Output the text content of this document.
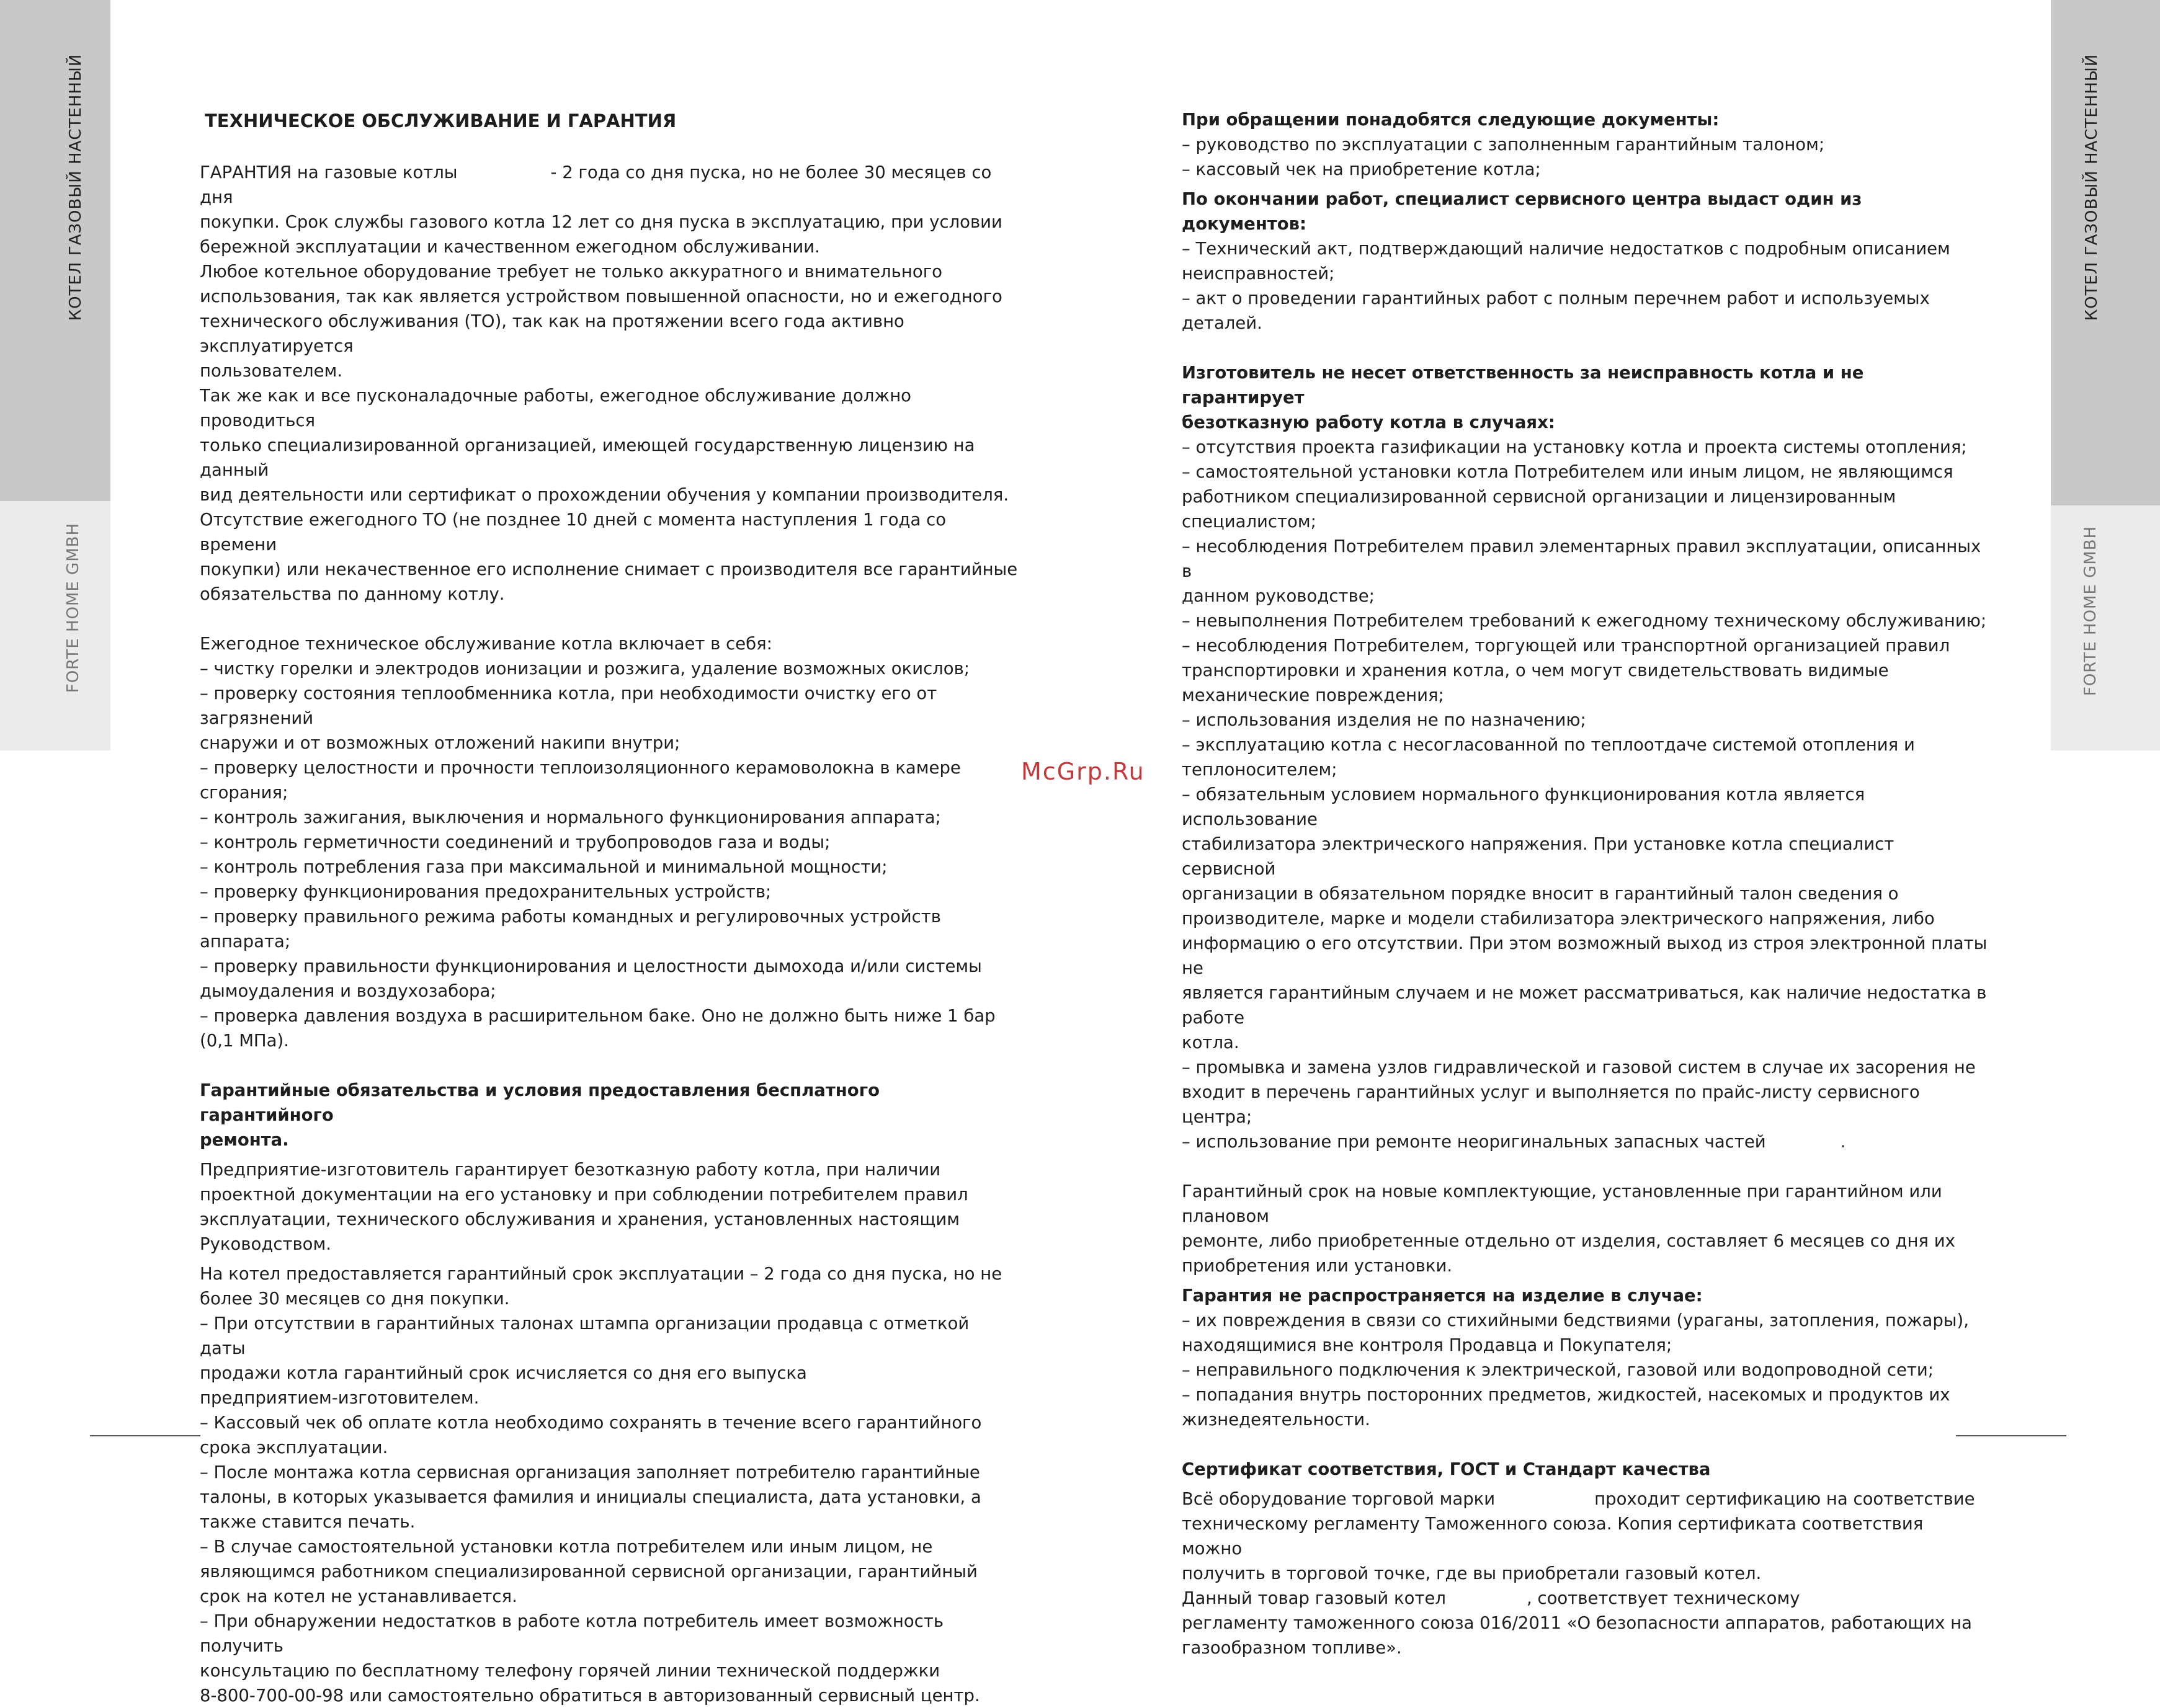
КОТЕЛ ГАЗОВЫЙ НАСТЕННЫЙ
FORTE HOME GMBH
КОТЕЛ ГАЗОВЫЙ НАСТЕННЫЙ
FORTE HOME GMBH
ТЕХНИЧЕСКОЕ ОБСЛУЖИВАНИЕ И ГАРАНТИЯ

ГАРАНТИЯ на газовые котлы	- 2 года со дня пуска, но не более 30 месяцев со дня

покупки. Срок службы газового котла 12 лет со дня пуска в эксплуатацию, при условии

бережной эксплуатации и качественном ежегодном обслуживании.

Любое котельное оборудование требует не только аккуратного и внимательного

использования, так как является устройством повышенной опасности, но и ежегодного

технического обслуживания (ТО), так как на протяжении всего года активно эксплуатируется

пользователем.

Так же как и все пусконаладочные работы, ежегодное обслуживание должно проводиться

только специализированной организацией, имеющей государственную лицензию на данный

вид деятельности или сертификат о прохождении обучения у компании производителя.

Отсутствие ежегодного ТО (не позднее 10 дней с момента наступления 1 года со времени

покупки) или некачественное его исполнение снимает с производителя все гарантийные

обязательства по данному котлу.

Ежегодное техническое обслуживание котла включает в себя:

– чистку горелки и электродов ионизации и розжига, удаление возможных окислов;

– проверку состояния теплообменника котла, при необходимости очистку его от загрязнений

снаружи и от возможных отложений накипи внутри;

– проверку целостности и прочности теплоизоляционного керамоволокна в камере сгорания;

– контроль зажигания, выключения и нормального функционирования аппарата;

– контроль герметичности соединений и трубопроводов газа и воды;

– контроль потребления газа при максимальной и минимальной мощности;

– проверку функционирования предохранительных устройств;

– проверку правильного режима работы командных и регулировочных устройств аппарата;

– проверку правильности функционирования и целостности дымохода и/или системы

дымоудаления и воздухозабора;

– проверка давления воздуха в расширительном баке. Оно не должно быть ниже 1 бар (0,1 МПа).

Гарантийные обязательства и условия предоставления бесплатного гарантийного

ремонта.

Предприятие-изготовитель гарантирует безотказную работу котла, при наличии

проектной документации на его установку и при соблюдении потребителем правил

эксплуатации, технического обслуживания и хранения, установленных настоящим

Руководством.

На котел предоставляется гарантийный срок эксплуатации – 2 года со дня пуска, но не

более 30 месяцев со дня покупки.

– При отсутствии в гарантийных талонах штампа организации продавца с отметкой даты

продажи котла гарантийный срок исчисляется со дня его выпуска

предприятием-изготовителем.

– Кассовый чек об оплате котла необходимо сохранять в течение всего гарантийного

срока эксплуатации.

– После монтажа котла сервисная организация заполняет потребителю гарантийные

талоны, в которых указывается фамилия и инициалы специалиста, дата установки, а

также ставится печать.

– В случае самостоятельной установки котла потребителем или иным лицом, не

являющимся работником специализированной сервисной организации, гарантийный

срок на котел не устанавливается.

– При обнаружении недостатков в работе котла потребитель имеет возможность получить

консультацию по бесплатному телефону горячей линии технической поддержки

8-800-700-00-98 или самостоятельно обратиться в авторизованный сервисный центр.

McGrp.Ru

При обращении понадобятся следующие документы:

– руководство по эксплуатации с заполненным гарантийным талоном;

– кассовый чек на приобретение котла;

По окончании работ, специалист сервисного центра выдаст один из документов:

– Технический акт, подтверждающий наличие недостатков с подробным описанием

неисправностей;

– акт о проведении гарантийных работ с полным перечнем работ и используемых

деталей.

Изготовитель не несет ответственность за неисправность котла и не гарантирует

безотказную работу котла в случаях:

– отсутствия проекта газификации на установку котла и проекта системы отопления;

– самостоятельной установки котла Потребителем или иным лицом, не являющимся

работником специализированной сервисной организации и лицензированным

специалистом;

– несоблюдения Потребителем правил элементарных правил эксплуатации, описанных в

данном руководстве;

– невыполнения Потребителем требований к ежегодному техническому обслуживанию;

– несоблюдения Потребителем, торгующей или транспортной организацией правил

транспортировки и хранения котла, о чем могут свидетельствовать видимые

механические повреждения;

– использования изделия не по назначению;

– эксплуатацию котла с несогласованной по теплоотдаче системой отопления и

теплоносителем;

– обязательным условием нормального функционирования котла является использование

стабилизатора электрического напряжения. При установке котла специалист сервисной

организации в обязательном порядке вносит в гарантийный талон сведения о

производителе, марке и модели стабилизатора электрического напряжения, либо

информацию о его отсутствии. При этом возможный выход из строя электронной платы не

является гарантийным случаем и не может рассматриваться, как наличие недостатка в работе

котла.

– промывка и замена узлов гидравлической и газовой систем в случае их засорения не

входит в перечень гарантийных услуг и выполняется по прайс-листу сервисного центра;

– использование при ремонте неоригинальных запасных частей	.

Гарантийный срок на новые комплектующие, установленные при гарантийном или плановом

ремонте, либо приобретенные отдельно от изделия, составляет 6 месяцев со дня их

приобретения или установки.

Гарантия не распространяется на изделие в случае:

– их повреждения в связи со стихийными бедствиями (ураганы, затопления, пожары),

находящимися вне контроля Продавца и Покупателя;

– неправильного подключения к электрической, газовой или водопроводной сети;

– попадания внутрь посторонних предметов, жидкостей, насекомых и продуктов их

жизнедеятельности.

Сертификат соответствия, ГОСТ и Стандарт качества

Всё оборудование торговой марки	проходит сертификацию на соответствие

техническому регламенту Таможенного союза. Копия сертификата соответствия можно

получить в торговой точке, где вы приобретали газовый котел.

Данный товар газовый котел	, соответствует техническому

регламенту таможенного союза 016/2011 «О безопасности аппаратов, работающих на

газообразном топливе».
